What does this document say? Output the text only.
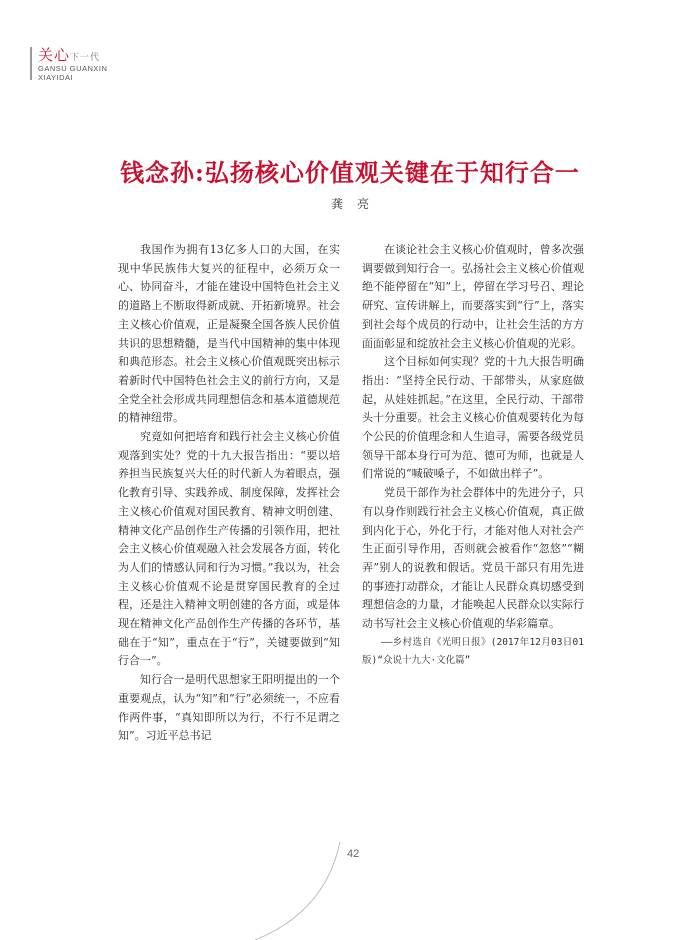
关心下一代
GANSU GUANXIN
XIAYIDAI
钱念孙:弘扬核心价值观关键在于知行合一
龚亮

我国作为拥有13亿多人口的大国，在实现中华民族伟大复兴的征程中，必须万众一心、协同奋斗，才能在建设中国特色社会主义的道路上不断取得新成就、开拓新境界。社会主义核心价值观，正是凝聚全国各族人民价值共识的思想精髓，是当代中国精神的集中体现和典范形态。社会主义核心价值观既突出标示着新时代中国特色社会主义的前行方向，又是全党全社会形成共同理想信念和基本道德规范的精神纽带。

究竟如何把培育和践行社会主义核心价值观落到实处？党的十九大报告指出：“要以培养担当民族复兴大任的时代新人为着眼点，强化教育引导、实践养成、制度保障，发挥社会主义核心价值观对国民教育、精神文明创建、精神文化产品创作生产传播的引领作用，把社会主义核心价值观融入社会发展各方面，转化为人们的情感认同和行为习惯。”我以为，社会主义核心价值观不论是贯穿国民教育的全过程，还是注入精神文明创建的各方面，或是体现在精神文化产品创作生产传播的各环节，基础在于“知”，重点在于“行”，关键要做到“知行合一”。

知行合一是明代思想家王阳明提出的一个重要观点，认为“知”和“行”必须统一，不应看作两件事，“真知即所以为行，不行不足谓之知”。习近平总书记

在谈论社会主义核心价值观时，曾多次强调要做到知行合一。弘扬社会主义核心价值观绝不能停留在“知”上，停留在学习号召、理论研究、宣传讲解上，而要落实到“行”上，落实到社会每个成员的行动中，让社会生活的方方面面彰显和绽放社会主义核心价值观的光彩。

这个目标如何实现？党的十九大报告明确指出：“坚持全民行动、干部带头，从家庭做起，从娃娃抓起。”在这里，全民行动、干部带头十分重要。社会主义核心价值观要转化为每个公民的价值理念和人生追寻，需要各级党员领导干部本身行可为范、德可为师，也就是人们常说的“喊破嗓子，不如做出样子”。

党员干部作为社会群体中的先进分子，只有以身作则践行社会主义核心价值观，真正做到内化于心，外化于行，才能对他人对社会产生正面引导作用，否则就会被看作“忽悠”“糊弄”别人的说教和假话。党员干部只有用先进的事迹打动群众，才能让人民群众真切感受到理想信念的力量，才能唤起人民群众以实际行动书写社会主义核心价值观的华彩篇章。

——乡村选自《光明日报》(2017年12月03日01版)“众说十九大·文化篇”

42
